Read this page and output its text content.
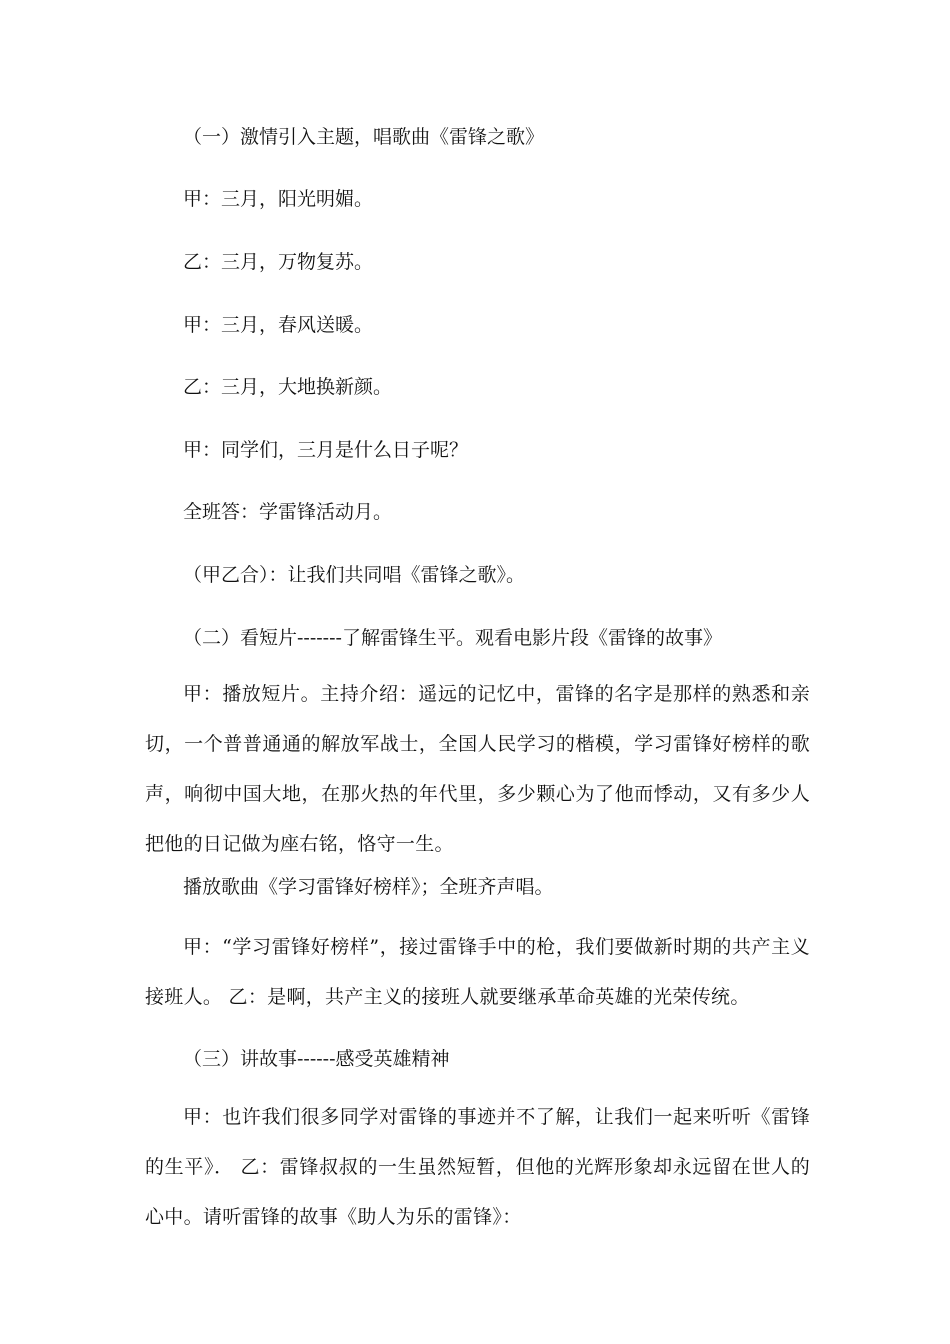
（一）激情引入主题，唱歌曲《雷锋之歌》

甲：三月，阳光明媚。

乙：三月，万物复苏。

甲：三月，春风送暖。

乙：三月，大地换新颜。

甲：同学们，三月是什么日子呢？

全班答：学雷锋活动月。

（甲乙合）：让我们共同唱《雷锋之歌》。

（二）看短片-------了解雷锋生平。观看电影片段《雷锋的故事》

甲：播放短片。主持介绍：遥远的记忆中，雷锋的名字是那样的熟悉和亲切，一个普普通通的解放军战士，全国人民学习的楷模，学习雷锋好榜样的歌声，响彻中国大地，在那火热的年代里，多少颗心为了他而悸动，又有多少人把他的日记做为座右铭，恪守一生。

播放歌曲《学习雷锋好榜样》；全班齐声唱。

甲：“学习雷锋好榜样”，接过雷锋手中的枪，我们要做新时期的共产主义接班人。 乙：是啊，共产主义的接班人就要继承革命英雄的光荣传统。

（三）讲故事------感受英雄精神

甲：也许我们很多同学对雷锋的事迹并不了解，让我们一起来听听《雷锋的生平》． 乙：雷锋叔叔的一生虽然短暂，但他的光辉形象却永远留在世人的心中。请听雷锋的故事《助人为乐的雷锋》：
